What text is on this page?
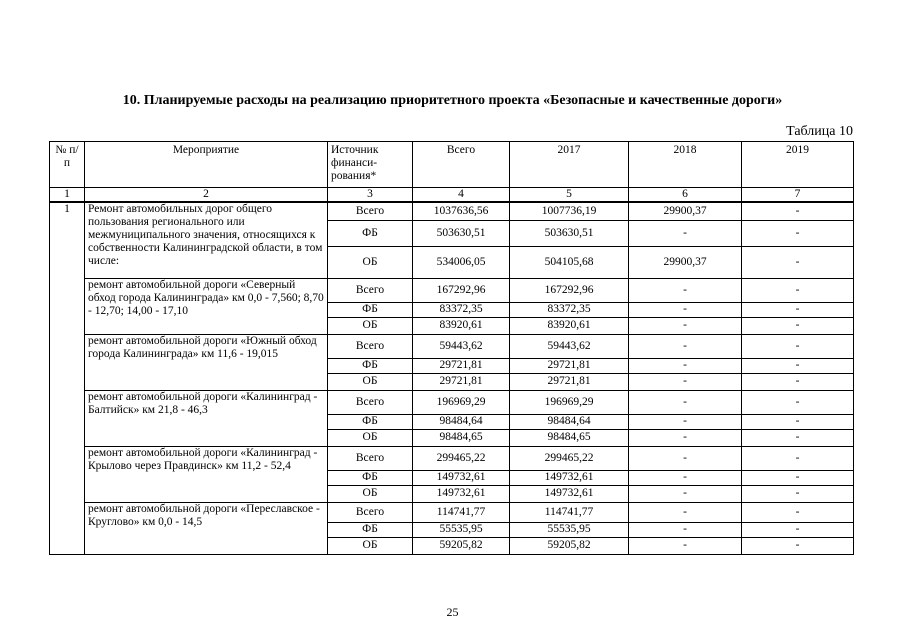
10. Планируемые расходы на реализацию приоритетного проекта «Безопасные и качественные дороги»
Таблица 10
№ п/п	Мероприятие	Источник финанси- рования*	Всего	2017	2018	2019
1	2	3	4	5	6	7
1	Ремонт автомобильных дорог общего пользования регионального или межмуниципального значения, относящихся к собственности Калининградской области, в том числе:	Всего	1037636,56	1007736,19	29900,37	-
		ФБ	503630,51	503630,51	-	-
		ОБ	534006,05	504105,68	29900,37	-
	ремонт автомобильной дороги «Северный обход города Калининграда» км 0,0 - 7,560; 8,70 - 12,70; 14,00 - 17,10	Всего	167292,96	167292,96	-	-
		ФБ	83372,35	83372,35	-	-
		ОБ	83920,61	83920,61	-	-
	ремонт автомобильной дороги «Южный обход города Калининграда» км 11,6 - 19,015	Всего	59443,62	59443,62	-	-
		ФБ	29721,81	29721,81	-	-
		ОБ	29721,81	29721,81	-	-
	ремонт автомобильной дороги «Калининград - Балтийск» км 21,8 - 46,3	Всего	196969,29	196969,29	-	-
		ФБ	98484,64	98484,64	-	-
		ОБ	98484,65	98484,65	-	-
	ремонт автомобильной дороги «Калининград - Крылово через Правдинск» км 11,2 - 52,4	Всего	299465,22	299465,22	-	-
		ФБ	149732,61	149732,61	-	-
		ОБ	149732,61	149732,61	-	-
	ремонт автомобильной дороги «Переславское - Круглово» км 0,0 - 14,5	Всего	114741,77	114741,77	-	-
		ФБ	55535,95	55535,95	-	-
		ОБ	59205,82	59205,82	-	-
25
